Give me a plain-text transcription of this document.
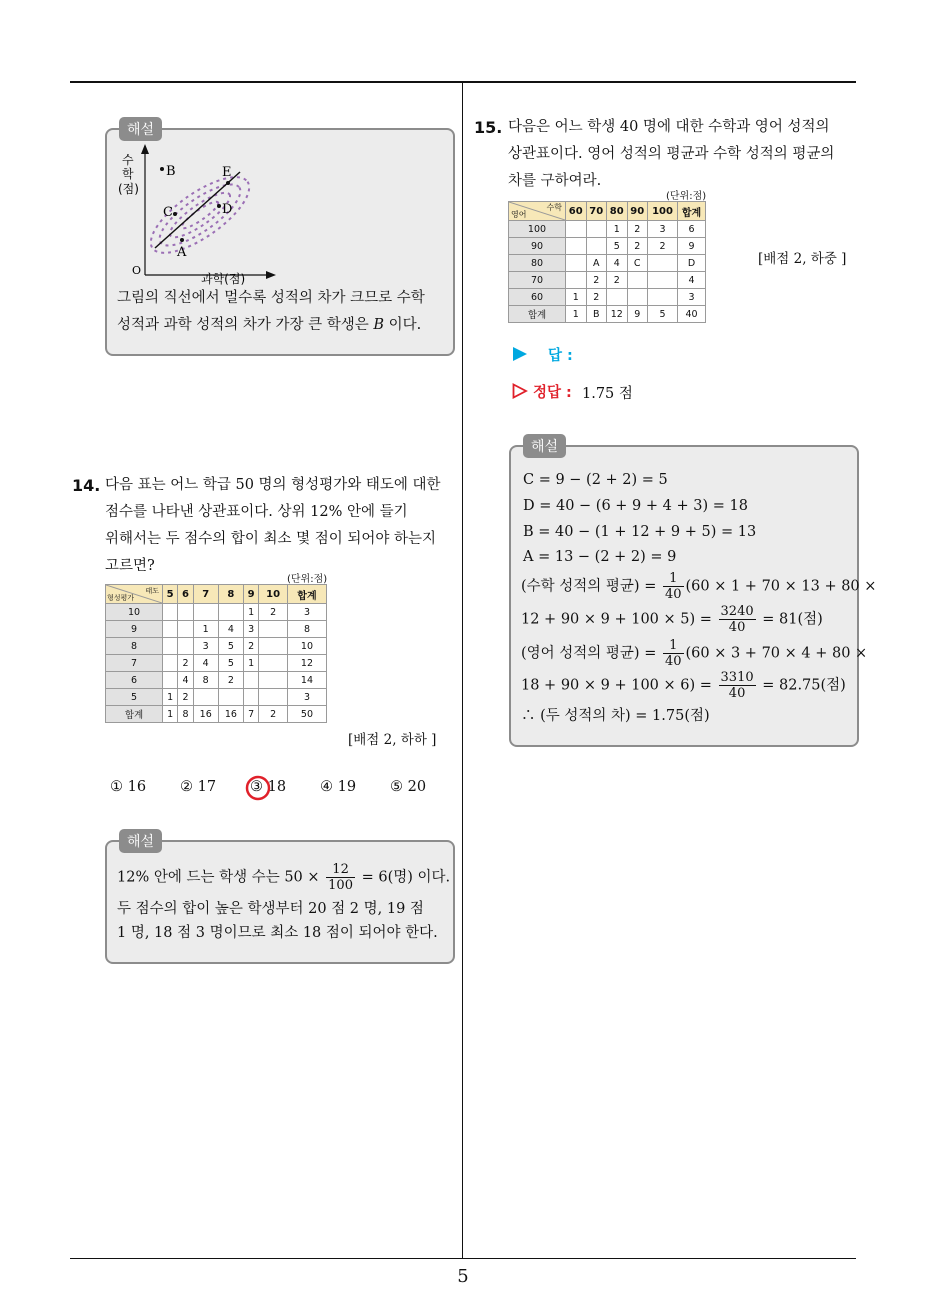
해설
B	E
C	D
A
수
학
(점)
과학(점)
O
그림의 직선에서 멀수록 성적의 차가 크므로 수학
성적과 과학 성적의 차가 가장 큰 학생은 B 이다.
14. 다음 표는 어느 학급 50 명의 형성평가와 태도에 대한
점수를 나타낸 상관표이다. 상위 12% 안에 들기
위해서는 두 점수의 합이 최소 몇 점이 되어야 하는지
고르면?
(단위:점)
태도
형성평가	5	6	7	8	9	10	합계
10					1	2	3
9			1	4	3		8
8			3	5	2		10
7		2	4	5	1		12
6		4	8	2			14
5	1	2					3
합계	1	8	16	16	7	2	50
[배점 2, 하하 ]
① 16 ② 17 ③ 18 ④ 19 ⑤ 20
해설
12% 안에 드는 학생 수는 $50 \times \frac{12}{100} = 6$(명) 이다.
두 점수의 합이 높은 학생부터 20 점 2 명, 19 점
1 명, 18 점 3 명이므로 최소 18 점이 되어야 한다.
15. 다음은 어느 학생 40 명에 대한 수학과 영어 성적의
상관표이다. 영어 성적의 평균과 수학 성적의 평균의
차를 구하여라.
(단위:점)
수학
영어	60	70	80	90	100	합계
100			1	2	3	6
90			5	2	2	9
80		A	4	C		D
70		2	2			4
60	1	2				3
합계	1	B	12	9	5	40
[배점 2, 하중 ]
답 :
정답 : 1.75 점
해설
C = 9 − (2 + 2) = 5
D = 40 − (6 + 9 + 4 + 3) = 18
B = 40 − (1 + 12 + 9 + 5) = 13
A = 13 − (2 + 2) = 9
(수학 성적의 평균) = $\frac{1}{40} (60 \times 1 + 70 \times 13 + 80$ ×
$12 + 90 \times 9 + 100 \times 5) = \frac{3240}{40} = 81$(점)
(영어 성적의 평균) = $\frac{1}{40} (60 \times 3 + 70 \times 4 + 80$ ×
$18 + 90 \times 9 + 100 \times 6) = \frac{3310}{40} = 82.75$(점)
∴ (두 성적의 차) = 1.75(점)
5
